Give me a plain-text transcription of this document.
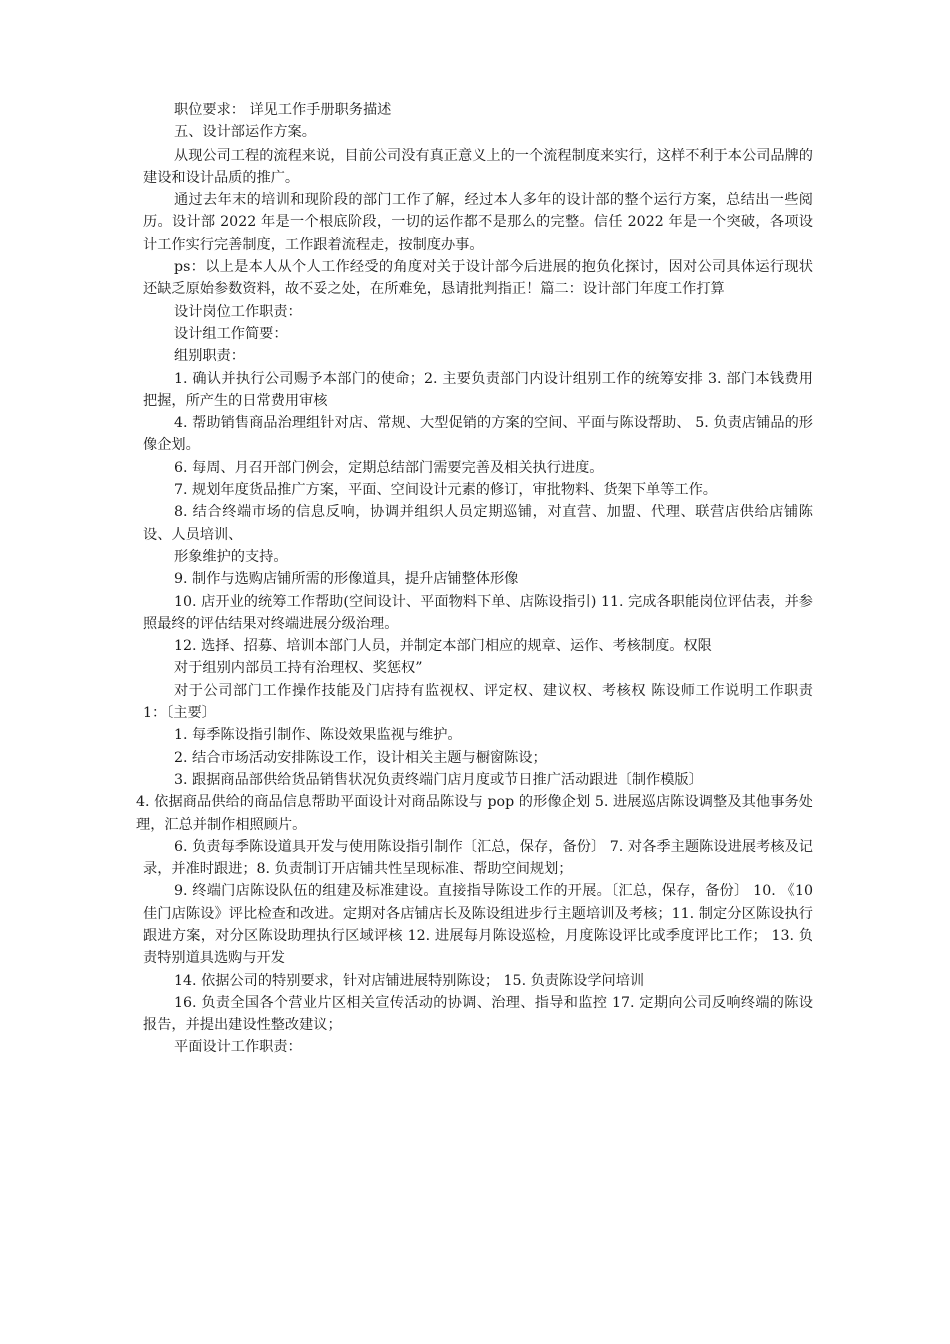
职位要求： 详见工作手册职务描述

五、设计部运作方案。

从现公司工程的流程来说，目前公司没有真正意义上的一个流程制度来实行，这样不利于本公司品牌的建设和设计品质的推广。

通过去年末的培训和现阶段的部门工作了解，经过本人多年的设计部的整个运行方案，总结出一些阅历。设计部 2022 年是一个根底阶段，一切的运作都不是那么的完整。信任 2022 年是一个突破，各项设计工作实行完善制度，工作跟着流程走，按制度办事。

ps：以上是本人从个人工作经受的角度对关于设计部今后进展的抱负化探讨，因对公司具体运行现状还缺乏原始参数资料，故不妥之处，在所难免，恳请批判指正！篇二：设计部门年度工作打算

设计岗位工作职责：

设计组工作简要：

组别职责：

1. 确认并执行公司赐予本部门的使命；2. 主要负责部门内设计组别工作的统筹安排 3. 部门本钱费用把握，所产生的日常费用审核

4. 帮助销售商品治理组针对店、常规、大型促销的方案的空间、平面与陈设帮助、 5. 负责店铺品的形像企划。

6. 每周、月召开部门例会，定期总结部门需要完善及相关执行进度。

7. 规划年度货品推广方案，平面、空间设计元素的修订，审批物料、货架下单等工作。

8. 结合终端市场的信息反响，协调并组织人员定期巡铺，对直营、加盟、代理、联营店供给店铺陈设、人员培训、

形象维护的支持。

9. 制作与选购店铺所需的形像道具，提升店铺整体形像

10. 店开业的统筹工作帮助(空间设计、平面物料下单、店陈设指引) 11. 完成各职能岗位评估表，并参照最终的评估结果对终端进展分级治理。

12. 选择、招募、培训本部门人员，并制定本部门相应的规章、运作、考核制度。权限

对于组别内部员工持有治理权、奖惩权”

对于公司部门工作操作技能及门店持有监视权、评定权、建议权、考核权 陈设师工作说明工作职责 1：〔主要〕

1. 每季陈设指引制作、陈设效果监视与维护。

2. 结合市场活动安排陈设工作，设计相关主题与橱窗陈设；

3. 跟据商品部供给货品销售状况负责终端门店月度或节日推广活动跟进〔制作模版〕

4. 依据商品供给的商品信息帮助平面设计对商品陈设与 pop 的形像企划 5. 进展巡店陈设调整及其他事务处理，汇总并制作相照顾片。

6. 负责每季陈设道具开发与使用陈设指引制作〔汇总，保存，备份〕 7. 对各季主题陈设进展考核及记录，并准时跟进；8. 负责制订开店铺共性呈现标准、帮助空间规划；

9. 终端门店陈设队伍的组建及标准建设。直接指导陈设工作的开展。〔汇总，保存，备份〕 10. 《10 佳门店陈设》评比检查和改进。定期对各店铺店长及陈设组进步行主题培训及考核；11. 制定分区陈设执行跟进方案，对分区陈设助理执行区域评核 12. 进展每月陈设巡检，月度陈设评比或季度评比工作； 13. 负责特别道具选购与开发

14. 依据公司的特别要求，针对店铺进展特别陈设； 15. 负责陈设学问培训

16. 负责全国各个营业片区相关宣传活动的协调、治理、指导和监控 17. 定期向公司反响终端的陈设报告，并提出建设性整改建议；

平面设计工作职责：
